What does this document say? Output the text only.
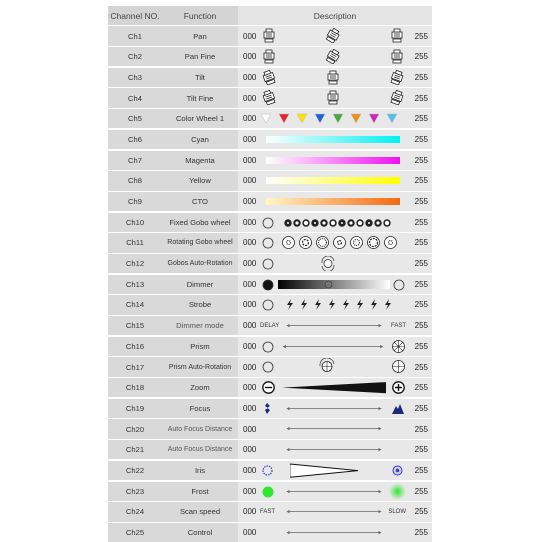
Channel NO.	Function	Description
Ch1	Pan	000	255
Ch2	Pan Fine	000	255
Ch3	Tilt	000	255
Ch4	Tilt Fine	000	255
Ch5	Color Wheel 1	000	255
Ch6	Cyan	000	255
Ch7	Magenta	000	255
Ch8	Yellow	000	255
Ch9	CTO	000	255
Ch10	Fixed Gobo wheel	000	255
Ch11	Rotating Gobo wheel	000	255
Ch12	Gobos Auto-Rotation	000	255
Ch13	Dimmer	000	255
Ch14	Strobe	000	255
Ch15	Dimmer mode	000 DELAY	FAST 255
Ch16	Prism	000	255
Ch17	Prism Auto-Rotation	000	255
Ch18	Zoom	000	255
Ch19	Focus	000	255
Ch20	Auto Focus Distance	000	255
Ch21	Auto Focus Distance	000	255
Ch22	Iris	000	255
Ch23	Frost	000	255
Ch24	Scan speed	000 FAST	SLOW 255
Ch25	Control	000	255
